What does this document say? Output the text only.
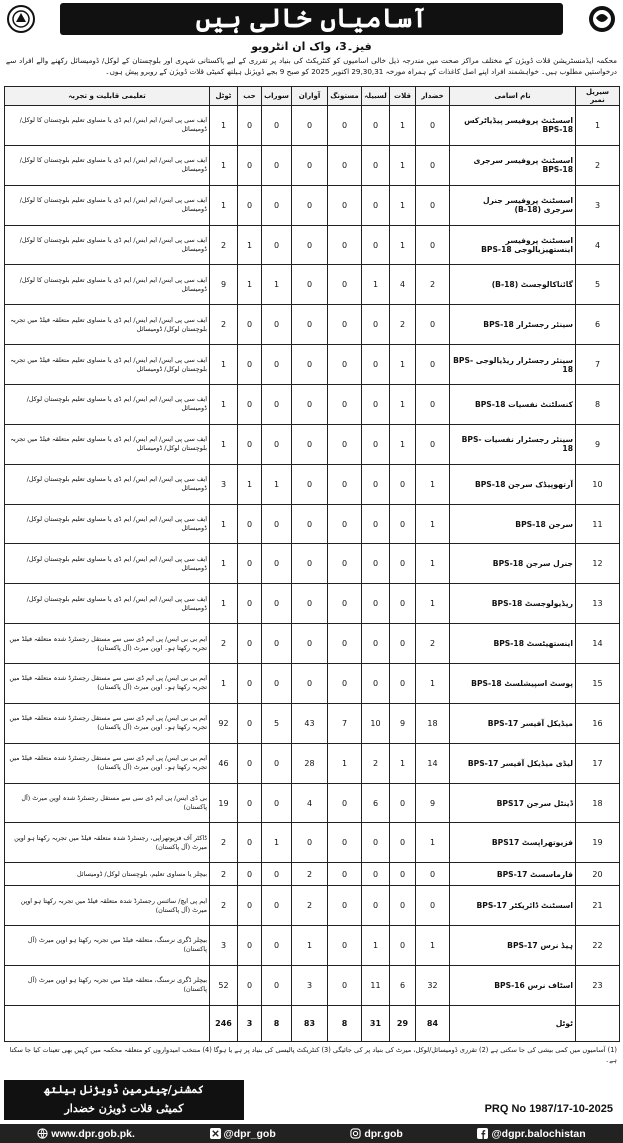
آسامیاں خالی ہیں
فیز۔3، واک ان انٹرویو
محکمہ ایڈمنسٹریشن قلات ڈویژن کے مختلف مراکز صحت میں مندرجہ ذیل خالی اسامیوں کو کنٹریکٹ کی بنیاد پر تقرری کے لیے پاکستانی شہری اور بلوچستان کے لوکل/ ڈومیسائل رکھنے والے افراد سے درخواستیں مطلوب ہیں۔ خواہشمند افراد اپنے اصل کاغذات کے ہمراہ مورخہ 29,30,31 اکتوبر 2025 کو صبح 9 بجے ڈویژنل ہیلتھ کمیٹی قلات ڈویژن کے روبرو پیش ہوں۔
سیریل نمبر	نام اسامی	خضدار	قلات	لسبیلہ	مستونگ	آواران	سوراب	حب	ٹوٹل	تعلیمی قابلیت و تجربہ
1	اسسٹنٹ پروفیسر پیڈیاٹرکس BPS-18	0	1	0	0	0	0	0	1	ایف سی پی ایس/ ایم ایس/ ایم ڈی یا مساوی تعلیم بلوچستان کا لوکل/ ڈومیسائل
2	اسسٹنٹ پروفیسر سرجری BPS-18	0	1	0	0	0	0	0	1	ایف سی پی ایس/ ایم ایس/ ایم ڈی یا مساوی تعلیم بلوچستان کا لوکل/ ڈومیسائل
3	اسسٹنٹ پروفیسر جنرل سرجری (B-18)	0	1	0	0	0	0	0	1	ایف سی پی ایس/ ایم ایس/ ایم ڈی یا مساوی تعلیم بلوچستان کا لوکل/ ڈومیسائل
4	اسسٹنٹ پروفیسر اینستھیزیالوجی BPS-18	0	1	0	0	0	0	1	2	ایف سی پی ایس/ ایم ایس/ ایم ڈی یا مساوی تعلیم بلوچستان کا لوکل/ ڈومیسائل
5	گائناکالوجسٹ (B-18)	2	4	1	0	0	1	1	9	ایف سی پی ایس/ ایم ایس/ ایم ڈی یا مساوی تعلیم بلوچستان کا لوکل/ ڈومیسائل
6	سینئر رجسٹرار BPS-18	0	2	0	0	0	0	0	2	ایف سی پی ایس/ ایم ایس/ ایم ڈی یا مساوی تعلیم متعلقہ فیلڈ میں تجربہ بلوچستان لوکل/ ڈومیسائل
7	سینئر رجسٹرار ریڈیالوجی BPS-18	0	1	0	0	0	0	0	1	ایف سی پی ایس/ ایم ایس/ ایم ڈی یا مساوی تعلیم متعلقہ فیلڈ میں تجربہ بلوچستان لوکل/ ڈومیسائل
8	کنسلٹنٹ نفسیات BPS-18	0	1	0	0	0	0	0	1	ایف سی پی ایس/ ایم ایس/ ایم ڈی یا مساوی تعلیم بلوچستان لوکل/ ڈومیسائل
9	سینئر رجسٹرار نفسیات BPS-18	0	1	0	0	0	0	0	1	ایف سی پی ایس/ ایم ایس/ ایم ڈی یا مساوی تعلیم متعلقہ فیلڈ میں تجربہ بلوچستان لوکل/ ڈومیسائل
10	آرتھوپیڈک سرجن BPS-18	1	0	0	0	0	1	1	3	ایف سی پی ایس/ ایم ایس/ ایم ڈی یا مساوی تعلیم بلوچستان لوکل/ ڈومیسائل
11	سرجن BPS-18	1	0	0	0	0	0	0	1	ایف سی پی ایس/ ایم ایس/ ایم ڈی یا مساوی تعلیم بلوچستان لوکل/ ڈومیسائل
12	جنرل سرجن BPS-18	1	0	0	0	0	0	0	1	ایف سی پی ایس/ ایم ایس/ ایم ڈی یا مساوی تعلیم بلوچستان لوکل/ ڈومیسائل
13	ریڈیولوجسٹ BPS-18	1	0	0	0	0	0	0	1	ایف سی پی ایس/ ایم ایس/ ایم ڈی یا مساوی تعلیم بلوچستان لوکل/ ڈومیسائل
14	اینستھیٹسٹ BPS-18	2	0	0	0	0	0	0	2	ایم بی بی ایس/ پی ایم ڈی سی سے مستقل رجسٹرڈ شدہ متعلقہ فیلڈ میں تجربہ رکھتا ہو۔ اوپن میرٹ (آل پاکستان)
15	پوسٹ اسپیشلسٹ BPS-18	1	0	0	0	0	0	0	1	ایم بی بی ایس/ پی ایم ڈی سی سے مستقل رجسٹرڈ شدہ متعلقہ فیلڈ میں تجربہ رکھتا ہو۔ اوپن میرٹ (آل پاکستان)
16	میڈیکل آفیسر BPS-17	18	9	10	7	43	5	0	92	ایم بی بی ایس/ پی ایم ڈی سی سے مستقل رجسٹرڈ شدہ متعلقہ فیلڈ میں تجربہ رکھتا ہو۔ اوپن میرٹ (آل پاکستان)
17	لیڈی میڈیکل آفیسر BPS-17	14	1	2	1	28	0	0	46	ایم بی بی ایس/ پی ایم ڈی سی سے مستقل رجسٹرڈ شدہ متعلقہ فیلڈ میں تجربہ رکھتا ہو۔ اوپن میرٹ (آل پاکستان)
18	ڈینٹل سرجن BPS17	9	0	6	0	4	0	0	19	بی ڈی ایس/ پی ایم ڈی سی سے مستقل رجسٹرڈ شدہ اوپن میرٹ (آل پاکستان)
19	فزیوتھراپسٹ BPS17	1	0	0	0	0	1	0	2	ڈاکٹر آف فزیوتھراپی، رجسٹرڈ شدہ متعلقہ فیلڈ میں تجربہ رکھتا ہو اوپن میرٹ (آل پاکستان)
20	فارماسسٹ BPS-17	0	0	0	0	2	0	0	2	بیچلر یا مساوی تعلیم، بلوچستان لوکل/ ڈومیسائل
21	اسسٹنٹ ڈائریکٹر BPS-17	0	0	0	0	2	0	0	2	ایم پی ایچ/ سائنس رجسٹرڈ شدہ متعلقہ فیلڈ میں تجربہ رکھتا ہو اوپن میرٹ (آل پاکستان)
22	ہیڈ نرس BPS-17	1	0	1	0	1	0	0	3	بیچلر ڈگری نرسنگ، متعلقہ فیلڈ میں تجربہ رکھتا ہو اوپن میرٹ (آل پاکستان)
23	اسٹاف نرس BPS-16	32	6	11	0	3	0	0	52	بیچلر ڈگری نرسنگ، متعلقہ فیلڈ میں تجربہ رکھتا ہو اوپن میرٹ (آل پاکستان)
	ٹوٹل	84	29	31	8	83	8	3	246	
(1) آسامیوں میں کمی بیشی کی جا سکتی ہے (2) تقرری ڈومیسائل/لوکل، میرٹ کی بنیاد پر کی جائیگی (3) کنٹریکٹ پالیسی کی بنیاد پر ہے یا ہوگا (4) منتخب امیدواروں کو متعلقہ محکمہ میں کہیں بھی تعینات کیا جا سکتا ہے۔
کمشنر/چیئرمین ڈویژنل ہیلتھ
کمیٹی قلات ڈویژن خضدار	PRQ No 1987/17-10-2025
www.dpr.gob.pk.	@dpr_gob	dpr.gob	@dgpr.balochistan
